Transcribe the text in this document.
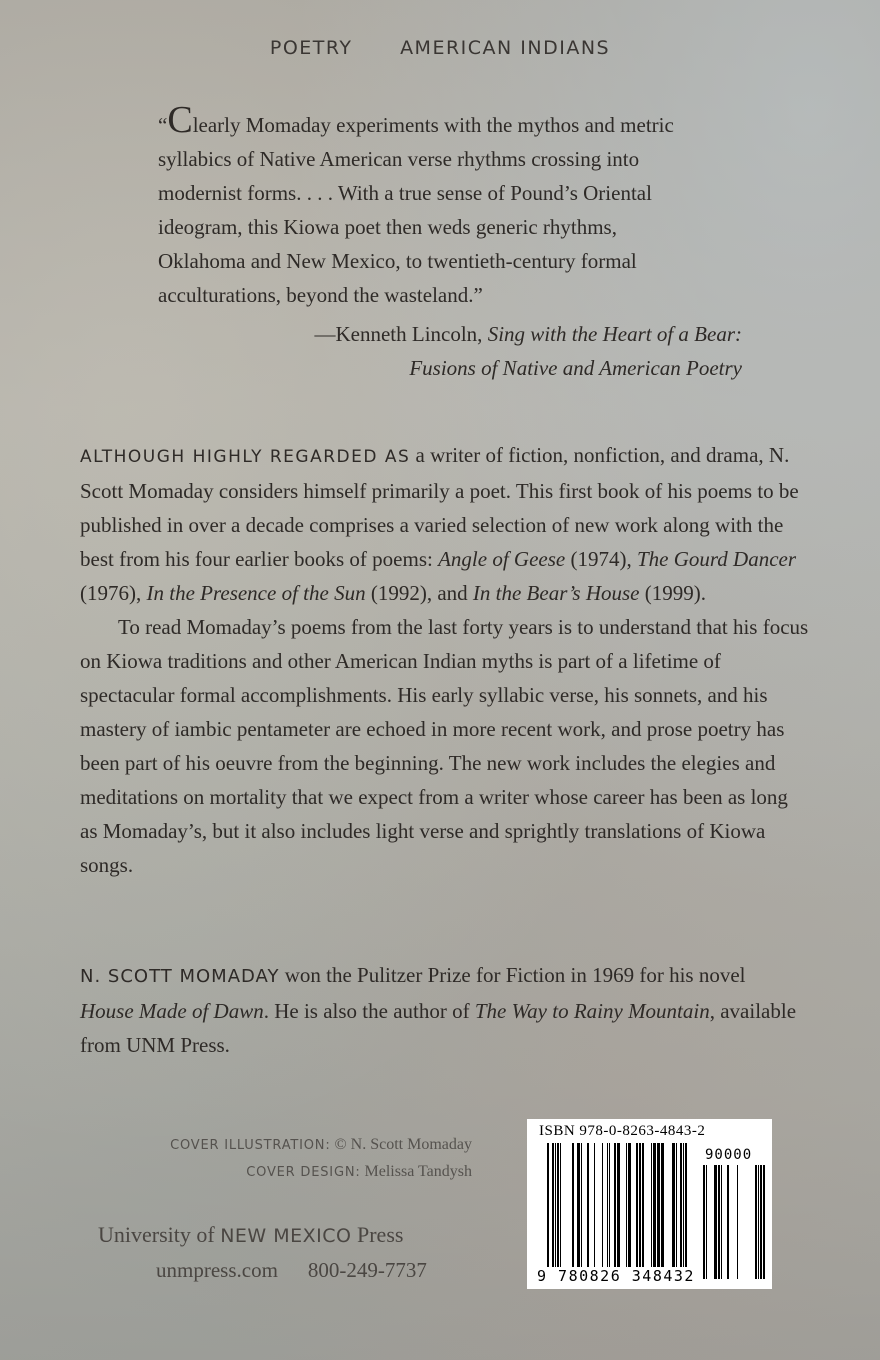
POETRY	AMERICAN INDIANS
“Clearly Momaday experiments with the mythos and metric
syllabics of Native American verse rhythms crossing into
modernist forms. . . . With a true sense of Pound’s Oriental
ideogram, this Kiowa poet then weds generic rhythms,
Oklahoma and New Mexico, to twentieth-century formal
acculturations, beyond the wasteland.”
—Kenneth Lincoln, Sing with the Heart of a Bear:
Fusions of Native and American Poetry

ALTHOUGH HIGHLY REGARDED AS a writer of fiction, nonfiction, and drama, N. Scott Momaday considers himself primarily a poet. This first book of his poems to be published in over a decade comprises a varied selection of new work along with the best from his four earlier books of poems: Angle of Geese (1974), The Gourd Dancer (1976), In the Presence of the Sun (1992), and In the Bear’s House (1999).

To read Momaday’s poems from the last forty years is to understand that his focus on Kiowa traditions and other American Indian myths is part of a lifetime of spectacular formal accomplishments. His early syllabic verse, his sonnets, and his mastery of iambic pentameter are echoed in more recent work, and prose poetry has been part of his oeuvre from the beginning. The new work includes the elegies and meditations on mortality that we expect from a writer whose career has been as long as Momaday’s, but it also includes light verse and sprightly translations of Kiowa songs.

N. SCOTT MOMADAY won the Pulitzer Prize for Fiction in 1969 for his novel House Made of Dawn. He is also the author of The Way to Rainy Mountain, available from UNM Press.
COVER ILLUSTRATION: © N. Scott Momaday
COVER DESIGN: Melissa Tandysh
University of NEW MEXICO Press
unmpress.com 800-249-7737
ISBN 978-0-8263-4843-2
90000
9 780826 348432
